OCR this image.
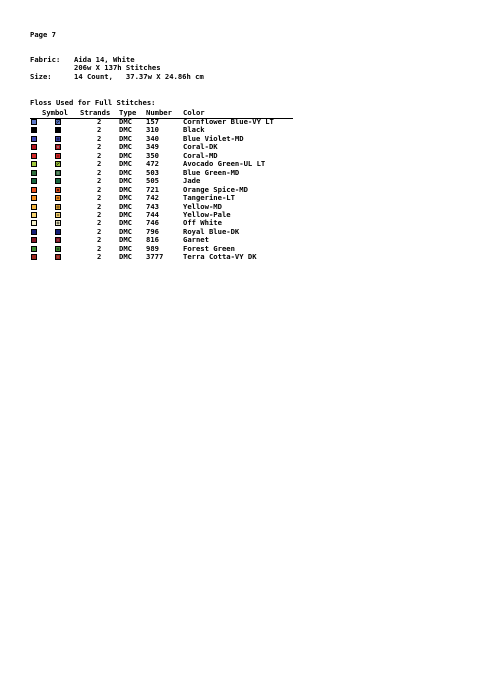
Page 7
Fabric: Aida 14, White
206w X 137h Stitches
Size:	14 Count,   37.37w X 24.86h cm
Floss Used for Full Stitches:
Symbol Strands Type Number Color
2 DMC 157	Cornflower Blue-VY LT
2 DMC 310	Black
2 DMC 340	Blue Violet-MD
2 DMC 349	Coral-DK
2 DMC 350	Coral-MD
2 DMC 472	Avocado Green-UL LT
2 DMC 503	Blue Green-MD
2 DMC 505	Jade
2 DMC 721	Orange Spice-MD
2 DMC 742	Tangerine-LT
2 DMC 743	Yellow-MD
2 DMC 744	Yellow-Pale
2 DMC 746	Off White
2 DMC 796	Royal Blue-DK
2 DMC 816	Garnet
2 DMC 989	Forest Green
2 DMC 3777	Terra Cotta-VY DK
